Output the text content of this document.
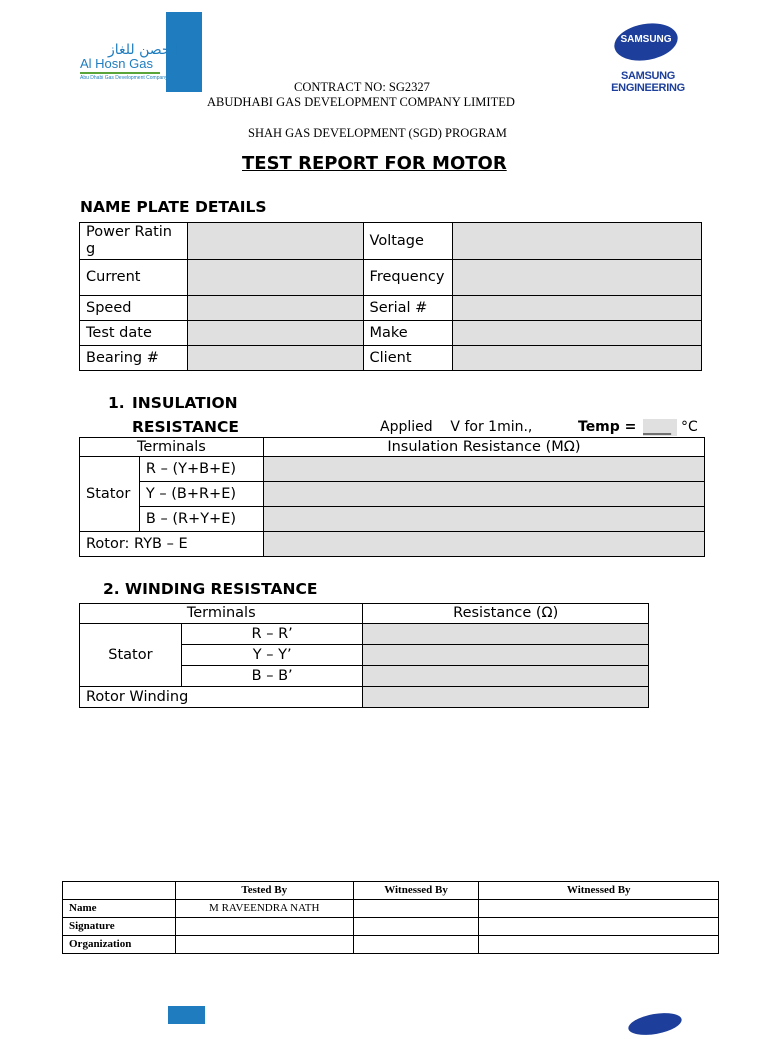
الحصن للغاز
Al Hosn Gas
Abu Dhabi Gas Development Company Ltd.
SAMSUNG
SAMSUNG ENGINEERING
CONTRACT NO: SG2327
ABUDHABI GAS DEVELOPMENT COMPANY LIMITED
SHAH GAS DEVELOPMENT (SGD) PROGRAM
TEST REPORT FOR MOTOR
NAME PLATE DETAILS
Power Rating		Voltage	
Current		Frequency	
Speed		Serial #	
Test date		Make	
Bearing #		Client	
1. INSULATION
RESISTANCE	Applied    V for 1min.,	Temp = ____ °C
Terminals		Insulation Resistance (MΩ)
Stator	R – (Y+B+E)	
	Y – (B+R+E)	
	B – (R+Y+E)	
Rotor: RYB – E		
2. WINDING RESISTANCE
Terminals		Resistance (Ω)
Stator	R – R’	
	Y – Y’	
	B – B’	
Rotor Winding		
	Tested By	Witnessed By	Witnessed By
Name	M RAVEENDRA NATH		
Signature			
Organization			
